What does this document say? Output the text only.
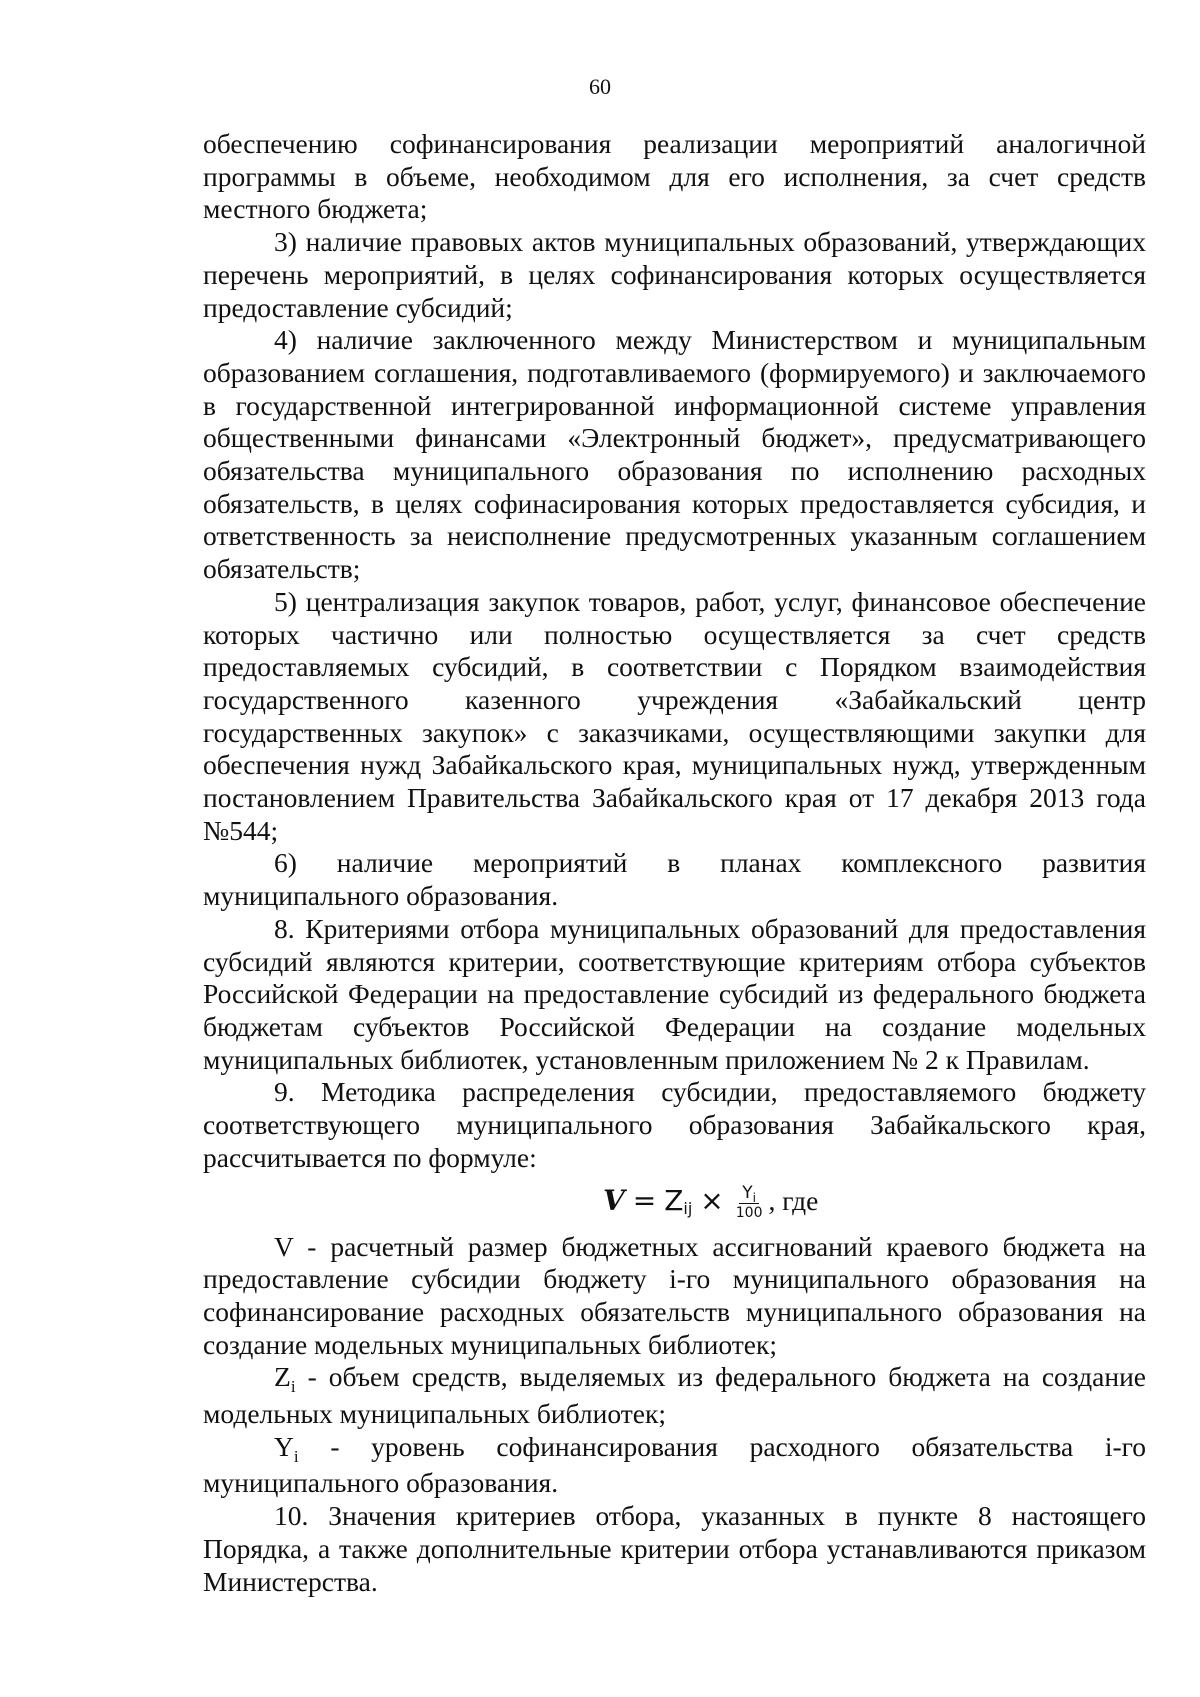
60

обеспечению софинансирования реализации мероприятий аналогичной программы в объеме, необходимом для его исполнения, за счет средств местного бюджета;

3) наличие правовых актов муниципальных образований, утверждающих перечень мероприятий, в целях софинансирования которых осуществляется предоставление субсидий;

4) наличие заключенного между Министерством и муниципальным образованием соглашения, подготавливаемого (формируемого) и заключаемого в государственной интегрированной информационной системе управления общественными финансами «Электронный бюджет», предусматривающего обязательства муниципального образования по исполнению расходных обязательств, в целях софинасирования которых предоставляется субсидия, и ответственность за неисполнение предусмотренных указанным соглашением обязательств;

5) централизация закупок товаров, работ, услуг, финансовое обеспечение которых частично или полностью осуществляется за счет средств предоставляемых субсидий, в соответствии с Порядком взаимодействия государственного казенного учреждения «Забайкальский центр государственных закупок» с заказчиками, осуществляющими закупки для обеспечения нужд Забайкальского края, муниципальных нужд, утвержденным постановлением Правительства Забайкальского края от 17 декабря 2013 года №544;

6) наличие мероприятий в планах комплексного развития муниципального образования.

8. Критериями отбора муниципальных образований для предоставления субсидий являются критерии, соответствующие критериям отбора субъектов Российской Федерации на предоставление субсидий из федерального бюджета бюджетам субъектов Российской Федерации на создание модельных муниципальных библиотек, установленным приложением № 2 к Правилам.

9. Методика распределения субсидии, предоставляемого бюджету соответствующего муниципального образования Забайкальского края, рассчитывается по формуле:

V = Z ij × $\frac{Y_i}{100}$ , где

V - расчетный размер бюджетных ассигнований краевого бюджета на предоставление субсидии бюджету i-го муниципального образования на софинансирование расходных обязательств муниципального образования на создание модельных муниципальных библиотек;

$Z_i$ - объем средств, выделяемых из федерального бюджета на создание модельных муниципальных библиотек;

$Y_i$ - уровень софинансирования расходного обязательства i-го муниципального образования.

10. Значения критериев отбора, указанных в пункте 8 настоящего Порядка, а также дополнительные критерии отбора устанавливаются приказом Министерства.
